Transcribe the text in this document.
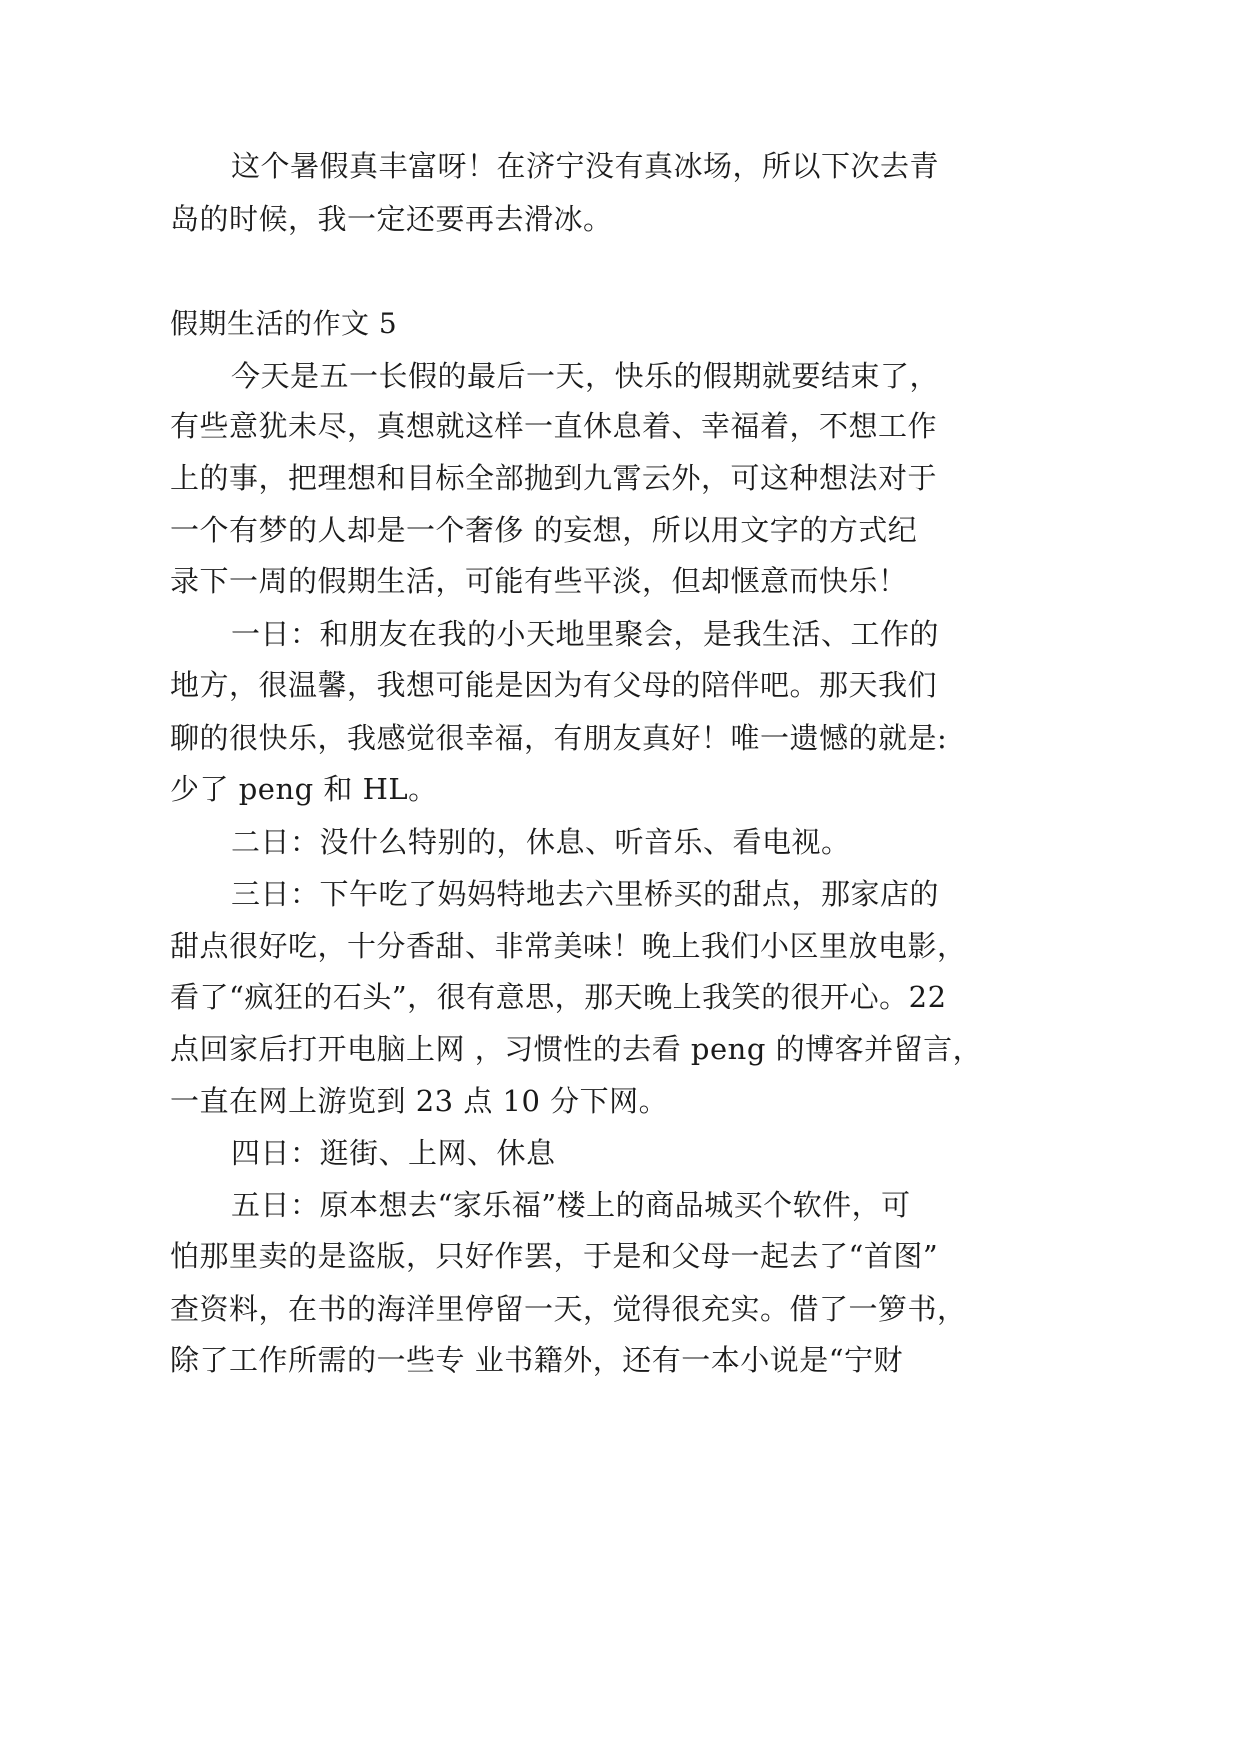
这个暑假真丰富呀！在济宁没有真冰场，所以下次去青

岛的时候，我一定还要再去滑冰。

假期生活的作文 5

今天是五一长假的最后一天，快乐的假期就要结束了，

有些意犹未尽，真想就这样一直休息着、幸福着，不想工作

上的事，把理想和目标全部抛到九霄云外，可这种想法对于

一个有梦的人却是一个奢侈 的妄想，所以用文字的方式纪

录下一周的假期生活，可能有些平淡，但却惬意而快乐！

一日：和朋友在我的小天地里聚会，是我生活、工作的

地方，很温馨，我想可能是因为有父母的陪伴吧。那天我们

聊的很快乐，我感觉很幸福，有朋友真好！唯一遗憾的就是:

少了 peng 和 HL。

二日：没什么特别的，休息、听音乐、看电视。

三日：下午吃了妈妈特地去六里桥买的甜点，那家店的

甜点很好吃，十分香甜、非常美味！晚上我们小区里放电影，

看了“疯狂的石头”，很有意思，那天晚上我笑的很开心。22

点回家后打开电脑上网 ，习惯性的去看 peng 的博客并留言，

一直在网上游览到 23 点 10 分下网。

四日：逛街、上网、休息

五日：原本想去“家乐福”楼上的商品城买个软件，可

怕那里卖的是盗版，只好作罢，于是和父母一起去了“首图”

查资料，在书的海洋里停留一天，觉得很充实。借了一箩书，

除了工作所需的一些专 业书籍外，还有一本小说是“宁财
